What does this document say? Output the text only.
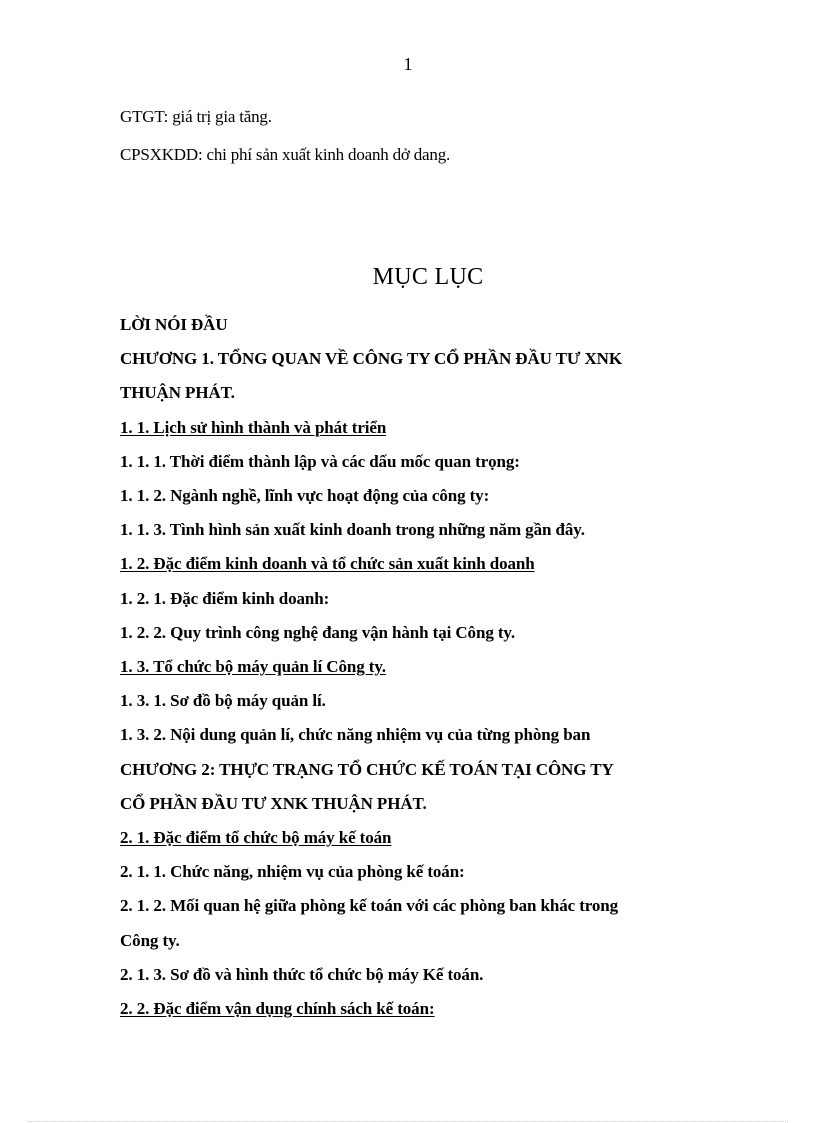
1
GTGT: giá trị gia tăng.
CPSXKDD: chi phí sản xuất kinh doanh dở dang.
MỤC LỤC
LỜI NÓI ĐẦU
CHƯƠNG 1. TỔNG QUAN VỀ CÔNG TY CỔ PHẦN ĐẦU TƯ XNK
THUẬN PHÁT.
1. 1. Lịch sử hình thành và phát triển
1. 1. 1. Thời điểm thành lập và các dấu mốc quan trọng:
1. 1. 2. Ngành nghề, lĩnh vực hoạt động của công ty:
1. 1. 3. Tình hình sản xuất kinh doanh trong những năm gần đây.
1. 2. Đặc điểm kinh doanh và tổ chức sản xuất kinh doanh
1. 2. 1. Đặc điểm kinh doanh:
1. 2. 2. Quy trình công nghệ đang vận hành tại Công ty.
1. 3. Tổ chức bộ máy quản lí Công ty.
1. 3. 1. Sơ đồ bộ máy quản lí.
1. 3. 2. Nội dung quản lí, chức năng nhiệm vụ của từng phòng ban
CHƯƠNG 2: THỰC TRẠNG TỔ CHỨC KẾ TOÁN TẠI CÔNG TY
CỔ PHẦN ĐẦU TƯ XNK THUẬN PHÁT.
2. 1. Đặc điểm tổ chức bộ máy kế toán
2. 1. 1. Chức năng, nhiệm vụ của phòng kế toán:
2. 1. 2. Mối quan hệ giữa phòng kế toán với các phòng ban khác trong
Công ty.
2. 1. 3. Sơ đồ và hình thức tổ chức bộ máy Kế toán.
2. 2. Đặc điểm vận dụng chính sách kế toán:
